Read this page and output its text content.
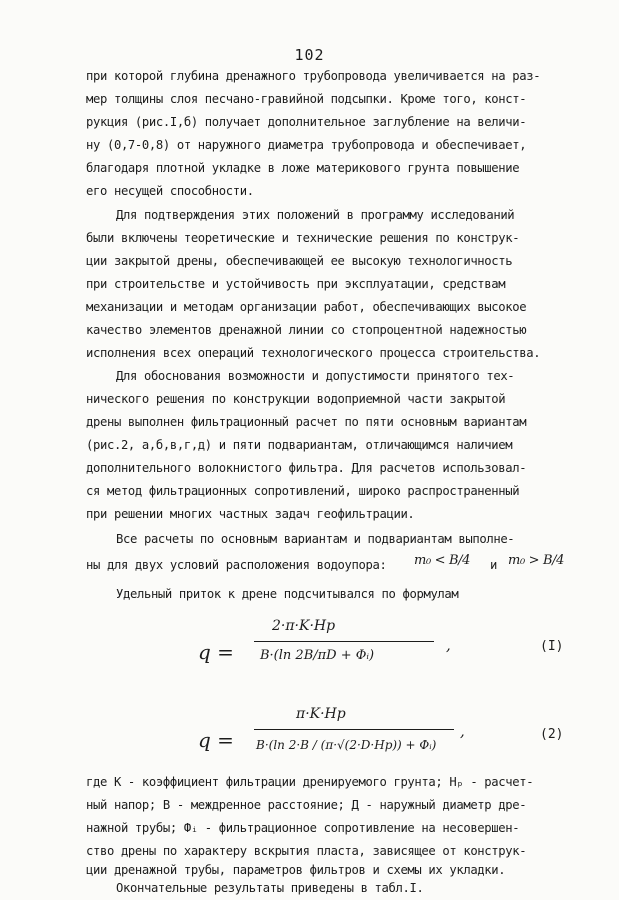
102
при которой глубина дренажного трубопровода увеличивается на раз-
мер толщины слоя песчано-гравийной подсыпки. Кроме того, конст-
рукция (рис.I,б) получает дополнительное заглубление на величи-
ну (0,7-0,8) от наружного диаметра трубопровода и обеспечивает,
благодаря плотной укладке в ложе материкового грунта повышение
его несущей способности.
Для подтверждения этих положений в программу исследований
были включены теоретические и технические решения по конструк-
ции закрытой дрены, обеспечивающей ее высокую технологичность
при строительстве и устойчивость при эксплуатации, средствам
механизации и методам организации работ, обеспечивающих высокое
качество элементов дренажной линии со стопроцентной надежностью
исполнения всех операций технологического процесса строительства.
Для обоснования возможности и допустимости принятого тех-
нического решения по конструкции водоприемной части закрытой
дрены выполнен фильтрационный расчет по пяти основным вариантам
(рис.2, а,б,в,г,д) и пяти подвариантам, отличающимся наличием
дополнительного волокнистого фильтра. Для расчетов использовал-
ся метод фильтрационных сопротивлений, широко распространенный
при решении многих частных задач геофильтрации.
Все расчеты по основным вариантам и подвариантам выполне-
ны для двух условий расположения водоупора: m₀ < B/4 и m₀ > B/4
Удельный приток к дрене подсчитывался по формулам
q =
2·π·K·Hp
B·(ln 2B/πD + Φᵢ)
,	(I)
q =
π·K·Hp
B·(ln 2·B / (π·√(2·D·Hp)) + Φᵢ)
,	(2)
где К - коэффициент фильтрации дренируемого грунта; Hₚ - расчет-
ный напор; В - междренное расстояние; Д - наружный диаметр дре-
нажной трубы; Фᵢ - фильтрационное сопротивление на несовершен-
ство дрены по характеру вскрытия пласта, зависящее от конструк-
ции дренажной трубы, параметров фильтров и схемы их укладки.
Окончательные результаты приведены в табл.I.
